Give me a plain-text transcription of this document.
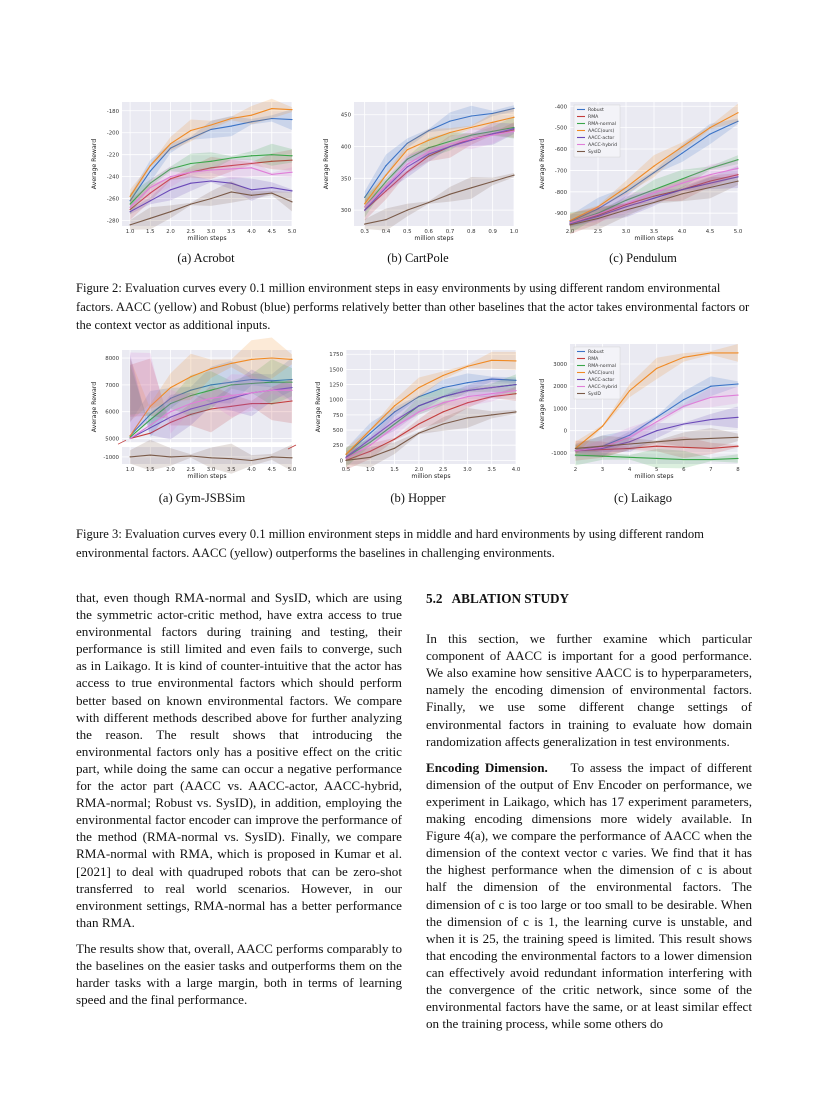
-180
-200
-220
-240
-260
-280
1.0 1.5 2.0 2.5 3.0 3.5 4.0 4.5 5.0
million steps
Average Reward
300
350
400
450
0.3 0.4 0.5 0.6 0.7 0.8 0.9 1.0
million steps
Average Reward
-400
-500
-600
-700
-800
-900
2.0	2.5	3.0	3.5	4.0	4.5	5.0
million steps
Average Reward
Robust
RMA
RMA-normal
AACC(ours)
AACC-actor
AACC-hybrid
SysID
(a) Acrobot	(b) CartPole	(c) Pendulum
Figure 2: Evaluation curves every 0.1 million environment steps in easy environments by using different random environmental factors. AACC (yellow) and Robust (blue) performs relatively better than other baselines that the actor takes environmental factors or the context vector as additional inputs.
8000
7000
6000
5000
-1000
1.0 1.5 2.0 2.5 3.0 3.5 4.0 4.5 5.0
million steps
Average Reward
0
250
500
750
1000
1250
1500
1750
0.5	1.0	1.5	2.0	2.5	3.0	3.5	4.0
million steps
Average Reward
3000
2000
1000
0
-1000
2	3	4	5	6	7	8
million steps
Average Reward
Robust
RMA
RMA-normal
AACC(ours)
AACC-actor
AACC-hybrid
SysID
(a) Gym-JSBSim	(b) Hopper	(c) Laikago
Figure 3: Evaluation curves every 0.1 million environment steps in middle and hard environments by using different random environmental factors. AACC (yellow) outperforms the baselines in challenging environments.

that, even though RMA-normal and SysID, which are using the symmetric actor-critic method, have extra access to true environmental factors during training and testing, their performance is still limited and even fails to converge, such as in Laikago. It is kind of counter-intuitive that the actor has access to true environmental factors which should perform better based on known environmental factors. We compare with different methods described above for further analyzing the reason. The result shows that introducing the environmental factors only has a positive effect on the critic part, while doing the same can occur a negative performance for the actor part (AACC vs. AACC-actor, AACC-hybrid, RMA-normal; Robust vs. SysID), in addition, employing the environmental factor encoder can improve the performance of the method (RMA-normal vs. SysID). Finally, we compare RMA-normal with RMA, which is proposed in Kumar et al. [2021] to deal with quadruped robots that can be zero-shot transferred to real world scenarios. However, in our environment settings, RMA-normal has a better performance than RMA.

The results show that, overall, AACC performs comparably to the baselines on the easier tasks and outperforms them on the harder tasks with a large margin, both in terms of learning speed and the final performance.

5.2   ABLATION STUDY

In this section, we further examine which particular component of AACC is important for a good performance. We also examine how sensitive AACC is to hyperparameters, namely the encoding dimension of environmental factors. Finally, we use some different change settings of environmental factors in training to evaluate how domain randomization affects generalization in test environments.

Encoding Dimension. To assess the impact of different dimension of the output of Env Encoder on performance, we experiment in Laikago, which has 17 experiment parameters, making encoding dimensions more widely available. In Figure 4(a), we compare the performance of AACC when the dimension of the context vector c varies. We find that it has the highest performance when the dimension of c is about half the dimension of the environmental factors. The dimension of c is too large or too small to be desirable. When the dimension of c is 1, the learning curve is unstable, and when it is 25, the training speed is limited. This result shows that encoding the environmental factors to a lower dimension can effectively avoid redundant information interfering with the convergence of the critic network, since some of the environmental factors have the same, or at least similar effect on the training process, while some others do
